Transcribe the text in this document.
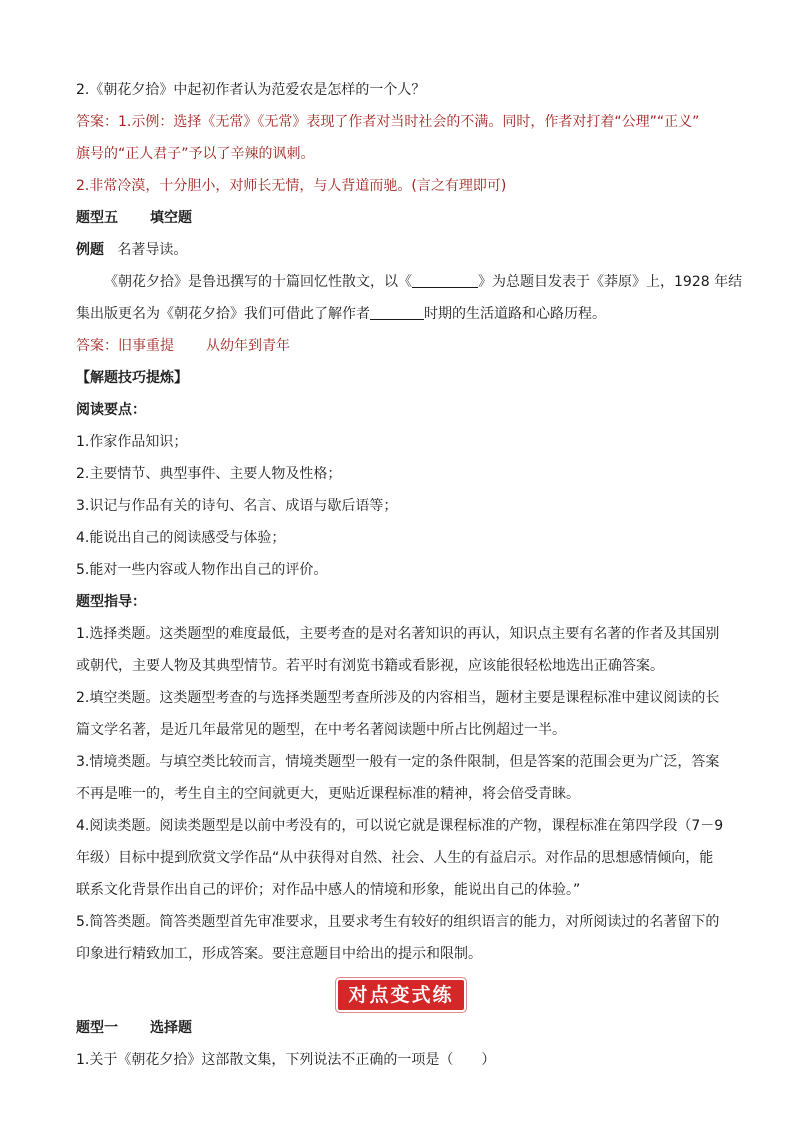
2.《朝花夕拾》中起初作者认为范爱农是怎样的一个人？

答案：1.示例：选择《无常》《无常》表现了作者对当时社会的不满。同时，作者对打着“公理”“正义”

旗号的“正人君子”予以了辛辣的讽刺。

2.非常冷漠，十分胆小，对师长无情，与人背道而驰。(言之有理即可)

题型五 填空题

例题 名著导读。

《朝花夕拾》是鲁迅撰写的十篇回忆性散文，以《	》为总题目发表于《莽原》上，1928 年结

集出版更名为《朝花夕拾》我们可借此了解作者	时期的生活道路和心路历程。

答案：旧事重提 从幼年到青年

【解题技巧提炼】

阅读要点：

1.作家作品知识；

2.主要情节、典型事件、主要人物及性格；

3.识记与作品有关的诗句、名言、成语与歇后语等；

4.能说出自己的阅读感受与体验；

5.能对一些内容或人物作出自己的评价。

题型指导：

1.选择类题。这类题型的难度最低，主要考查的是对名著知识的再认，知识点主要有名著的作者及其国别

或朝代，主要人物及其典型情节。若平时有浏览书籍或看影视，应该能很轻松地选出正确答案。

2.填空类题。这类题型考查的与选择类题型考查所涉及的内容相当，题材主要是课程标准中建议阅读的长

篇文学名著，是近几年最常见的题型，在中考名著阅读题中所占比例超过一半。

3.情境类题。与填空类比较而言，情境类题型一般有一定的条件限制，但是答案的范围会更为广泛，答案

不再是唯一的，考生自主的空间就更大，更贴近课程标准的精神，将会倍受青睐。

4.阅读类题。阅读类题型是以前中考没有的，可以说它就是课程标准的产物，课程标准在第四学段（7－9

年级）目标中提到欣赏文学作品“从中获得对自然、社会、人生的有益启示。对作品的思想感情倾向，能

联系文化背景作出自己的评价；对作品中感人的情境和形象，能说出自己的体验。”

5.简答类题。简答类题型首先审准要求，且要求考生有较好的组织语言的能力，对所阅读过的名著留下的

印象进行精致加工，形成答案。要注意题目中给出的提示和限制。

对点变式练

题型一 选择题

1.关于《朝花夕拾》这部散文集，下列说法不正确的一项是（　　）
